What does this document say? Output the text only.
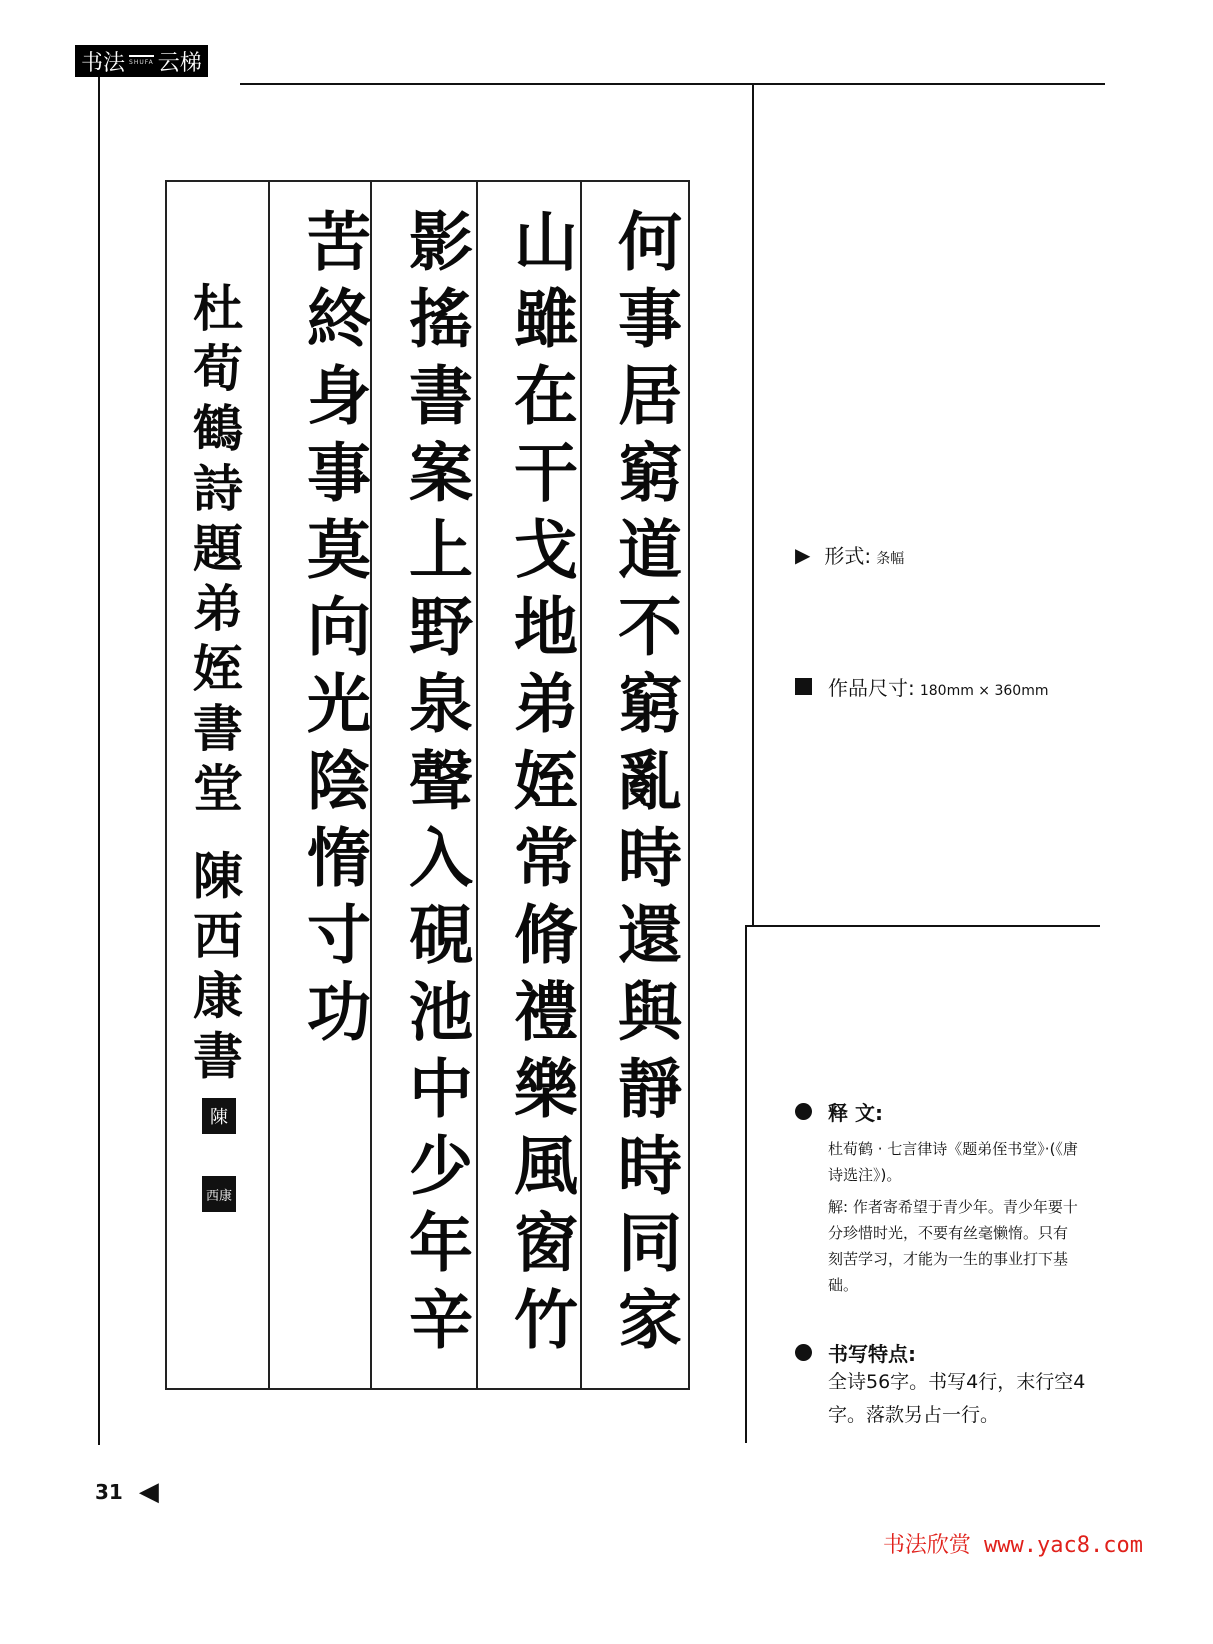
书法 SHUFA 云梯
何事居窮道不窮亂時還與靜時同家
山雖在干戈地弟姪常脩禮樂風窗竹
影搖書案上野泉聲入硯池中少年辛
苦終身事莫向光陰惰寸功
杜荀鶴詩題弟姪書堂 陳西康書
陳
西康
▶ 形式: 条幅
作品尺寸: 180mm × 360mm
释 文:
杜荀鹤 · 七言律诗《题弟侄书堂》·(《唐诗选注》)。
解: 作者寄希望于青少年。青少年要十分珍惜时光，不要有丝毫懒惰。只有刻苦学习，才能为一生的事业打下基础。
书写特点:
全诗56字。书写4行，末行空4字。落款另占一行。
31 ◀
书法欣赏 www.yac8.com
